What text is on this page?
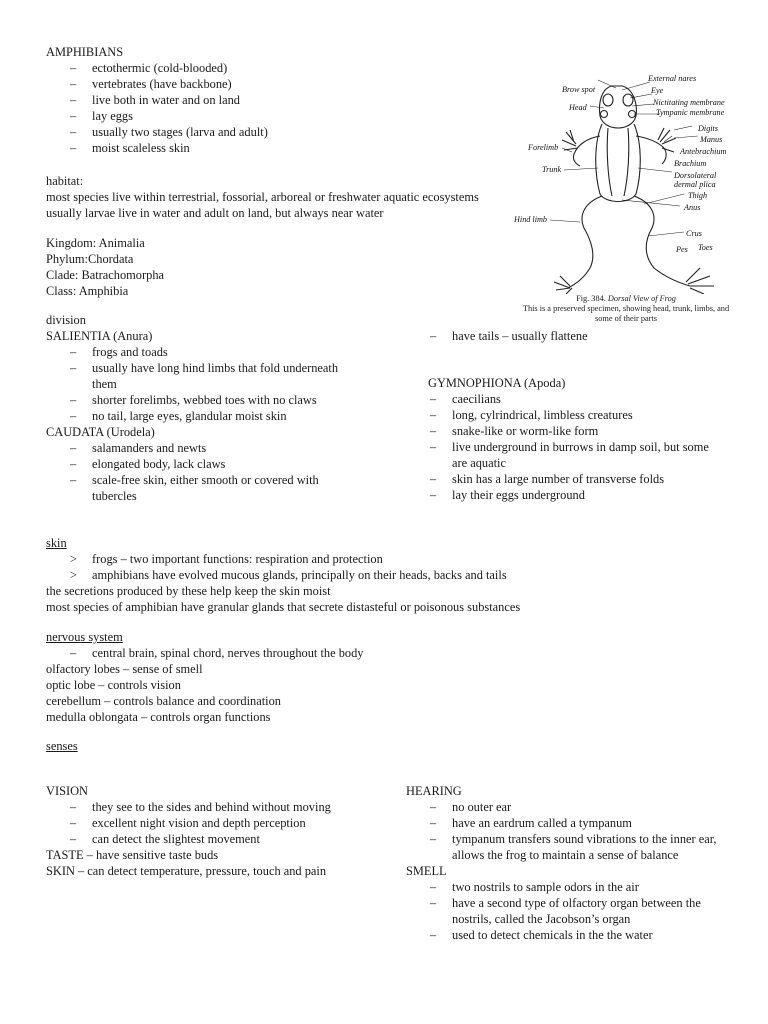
AMPHIBIANS
– ectothermic (cold-blooded)
– vertebrates (have backbone)
– live both in water and on land
– lay eggs
– usually two stages (larva and adult)
– moist scaleless skin
habitat:
most species live within terrestrial, fossorial, arboreal or freshwater aquatic ecosystems
usually larvae live in water and adult on land, but always near water
Kingdom: Animalia
Phylum:Chordata
Clade: Batrachomorpha
Class: Amphibia
division
SALIENTIA (Anura)
– frogs and toads
– usually have long hind limbs that fold underneath them
– shorter forelimbs, webbed toes with no claws
– no tail, large eyes, glandular moist skin
CAUDATA (Urodela)
– salamanders and newts
– elongated body, lack claws
– scale-free skin, either smooth or covered with tubercles
– have tails – usually flattene
GYMNOPHIONA (Apoda)
– caecilians
– long, cylrindrical, limbless creatures
– snake-like or worm-like form
– live underground in burrows in damp soil, but some are aquatic
– skin has a large number of transverse folds
– lay their eggs underground
skin
> frogs – two important functions: respiration and protection
> amphibians have evolved mucous glands, principally on their heads, backs and tails
the secretions produced by these help keep the skin moist
most species of amphibian have granular glands that secrete distasteful or poisonous substances
nervous system
– central brain, spinal chord, nerves throughout the body
olfactory lobes – sense of smell
optic lobe – controls vision
cerebellum – controls balance and coordination
medulla oblongata – controls organ functions
senses
VISION
– they see to the sides and behind without moving
– excellent night vision and depth perception
– can detect the slightest movement
TASTE – have sensitive taste buds
SKIN – can detect temperature, pressure, touch and pain
HEARING
– no outer ear
– have an eardrum called a tympanum
– tympanum transfers sound vibrations to the inner ear, allows the frog to maintain a sense of balance
SMELL
– two nostrils to sample odors in the air
– have a second type of olfactory organ between the nostrils, called the Jacobson’s organ
– used to detect chemicals in the the water
External nares
Brow spot	Eye
Head
Nictitating membrane
Tympanic membrane
Digits
Manus
Antebrachium
Forelimb
Brachium
Trunk
Dorsolateral
dermal plica
Thigh
Anus
Hind limb
Crus
Pes Toes
Fig. 384. Dorsal View of Frog
This is a preserved specimen, showing head, trunk, limbs, and some of their parts
